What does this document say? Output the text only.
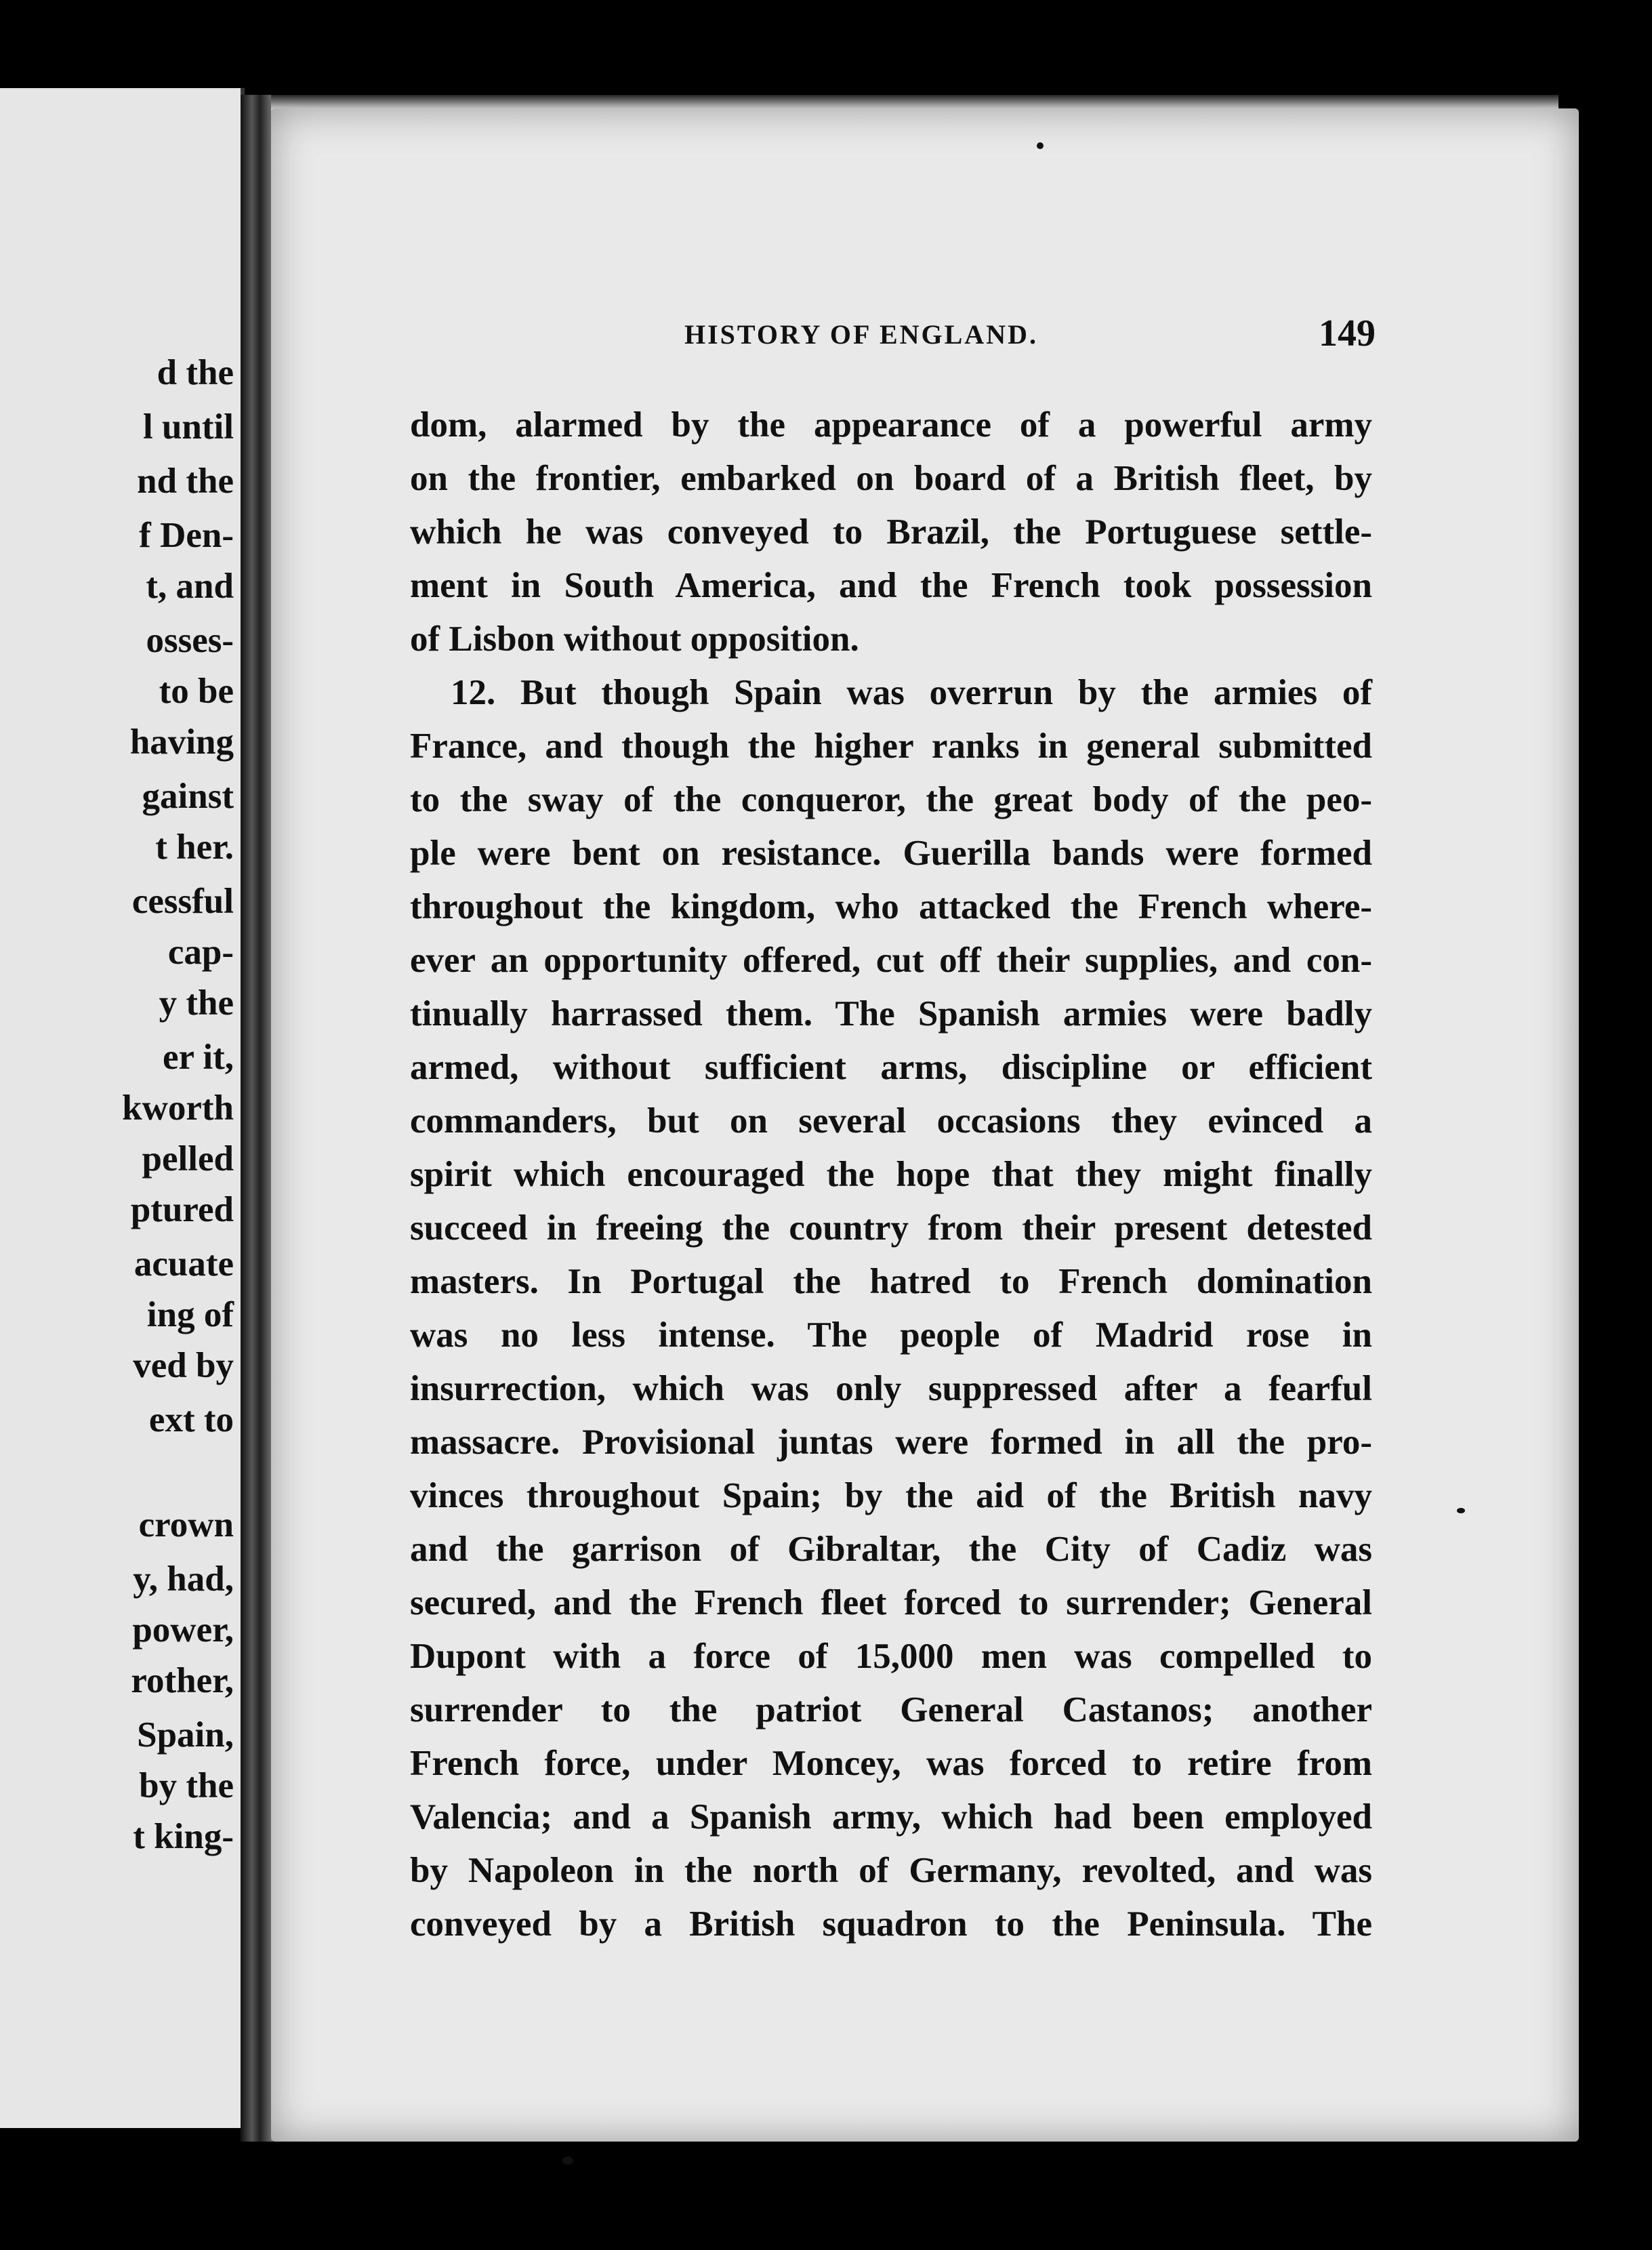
d the
l until
nd the
f Den-
t, and
osses-
to be
having
gainst
t her.
cessful
cap-
y the
er it,
kworth
pelled
ptured
acuate
ing of
ved by
ext to
crown
y, had,
power,
rother,
Spain,
by the
t king-
HISTORY OF ENGLAND.	149
dom, alarmed by the appearance of a powerful army
on the frontier, embarked on board of a British fleet, by
which he was conveyed to Brazil, the Portuguese settle-
ment in South America, and the French took possession
of Lisbon without opposition.
12. But though Spain was overrun by the armies of
France, and though the higher ranks in general submitted
to the sway of the conqueror, the great body of the peo-
ple were bent on resistance. Guerilla bands were formed
throughout the kingdom, who attacked the French where-
ever an opportunity offered, cut off their supplies, and con-
tinually harrassed them. The Spanish armies were badly
armed, without sufficient arms, discipline or efficient
commanders, but on several occasions they evinced a
spirit which encouraged the hope that they might finally
succeed in freeing the country from their present detested
masters. In Portugal the hatred to French domination
was no less intense. The people of Madrid rose in
insurrection, which was only suppressed after a fearful
massacre. Provisional juntas were formed in all the pro-
vinces throughout Spain; by the aid of the British navy
and the garrison of Gibraltar, the City of Cadiz was
secured, and the French fleet forced to surrender; General
Dupont with a force of 15,000 men was compelled to
surrender to the patriot General Castanos; another
French force, under Moncey, was forced to retire from
Valencia; and a Spanish army, which had been employed
by Napoleon in the north of Germany, revolted, and was
conveyed by a British squadron to the Peninsula. The
